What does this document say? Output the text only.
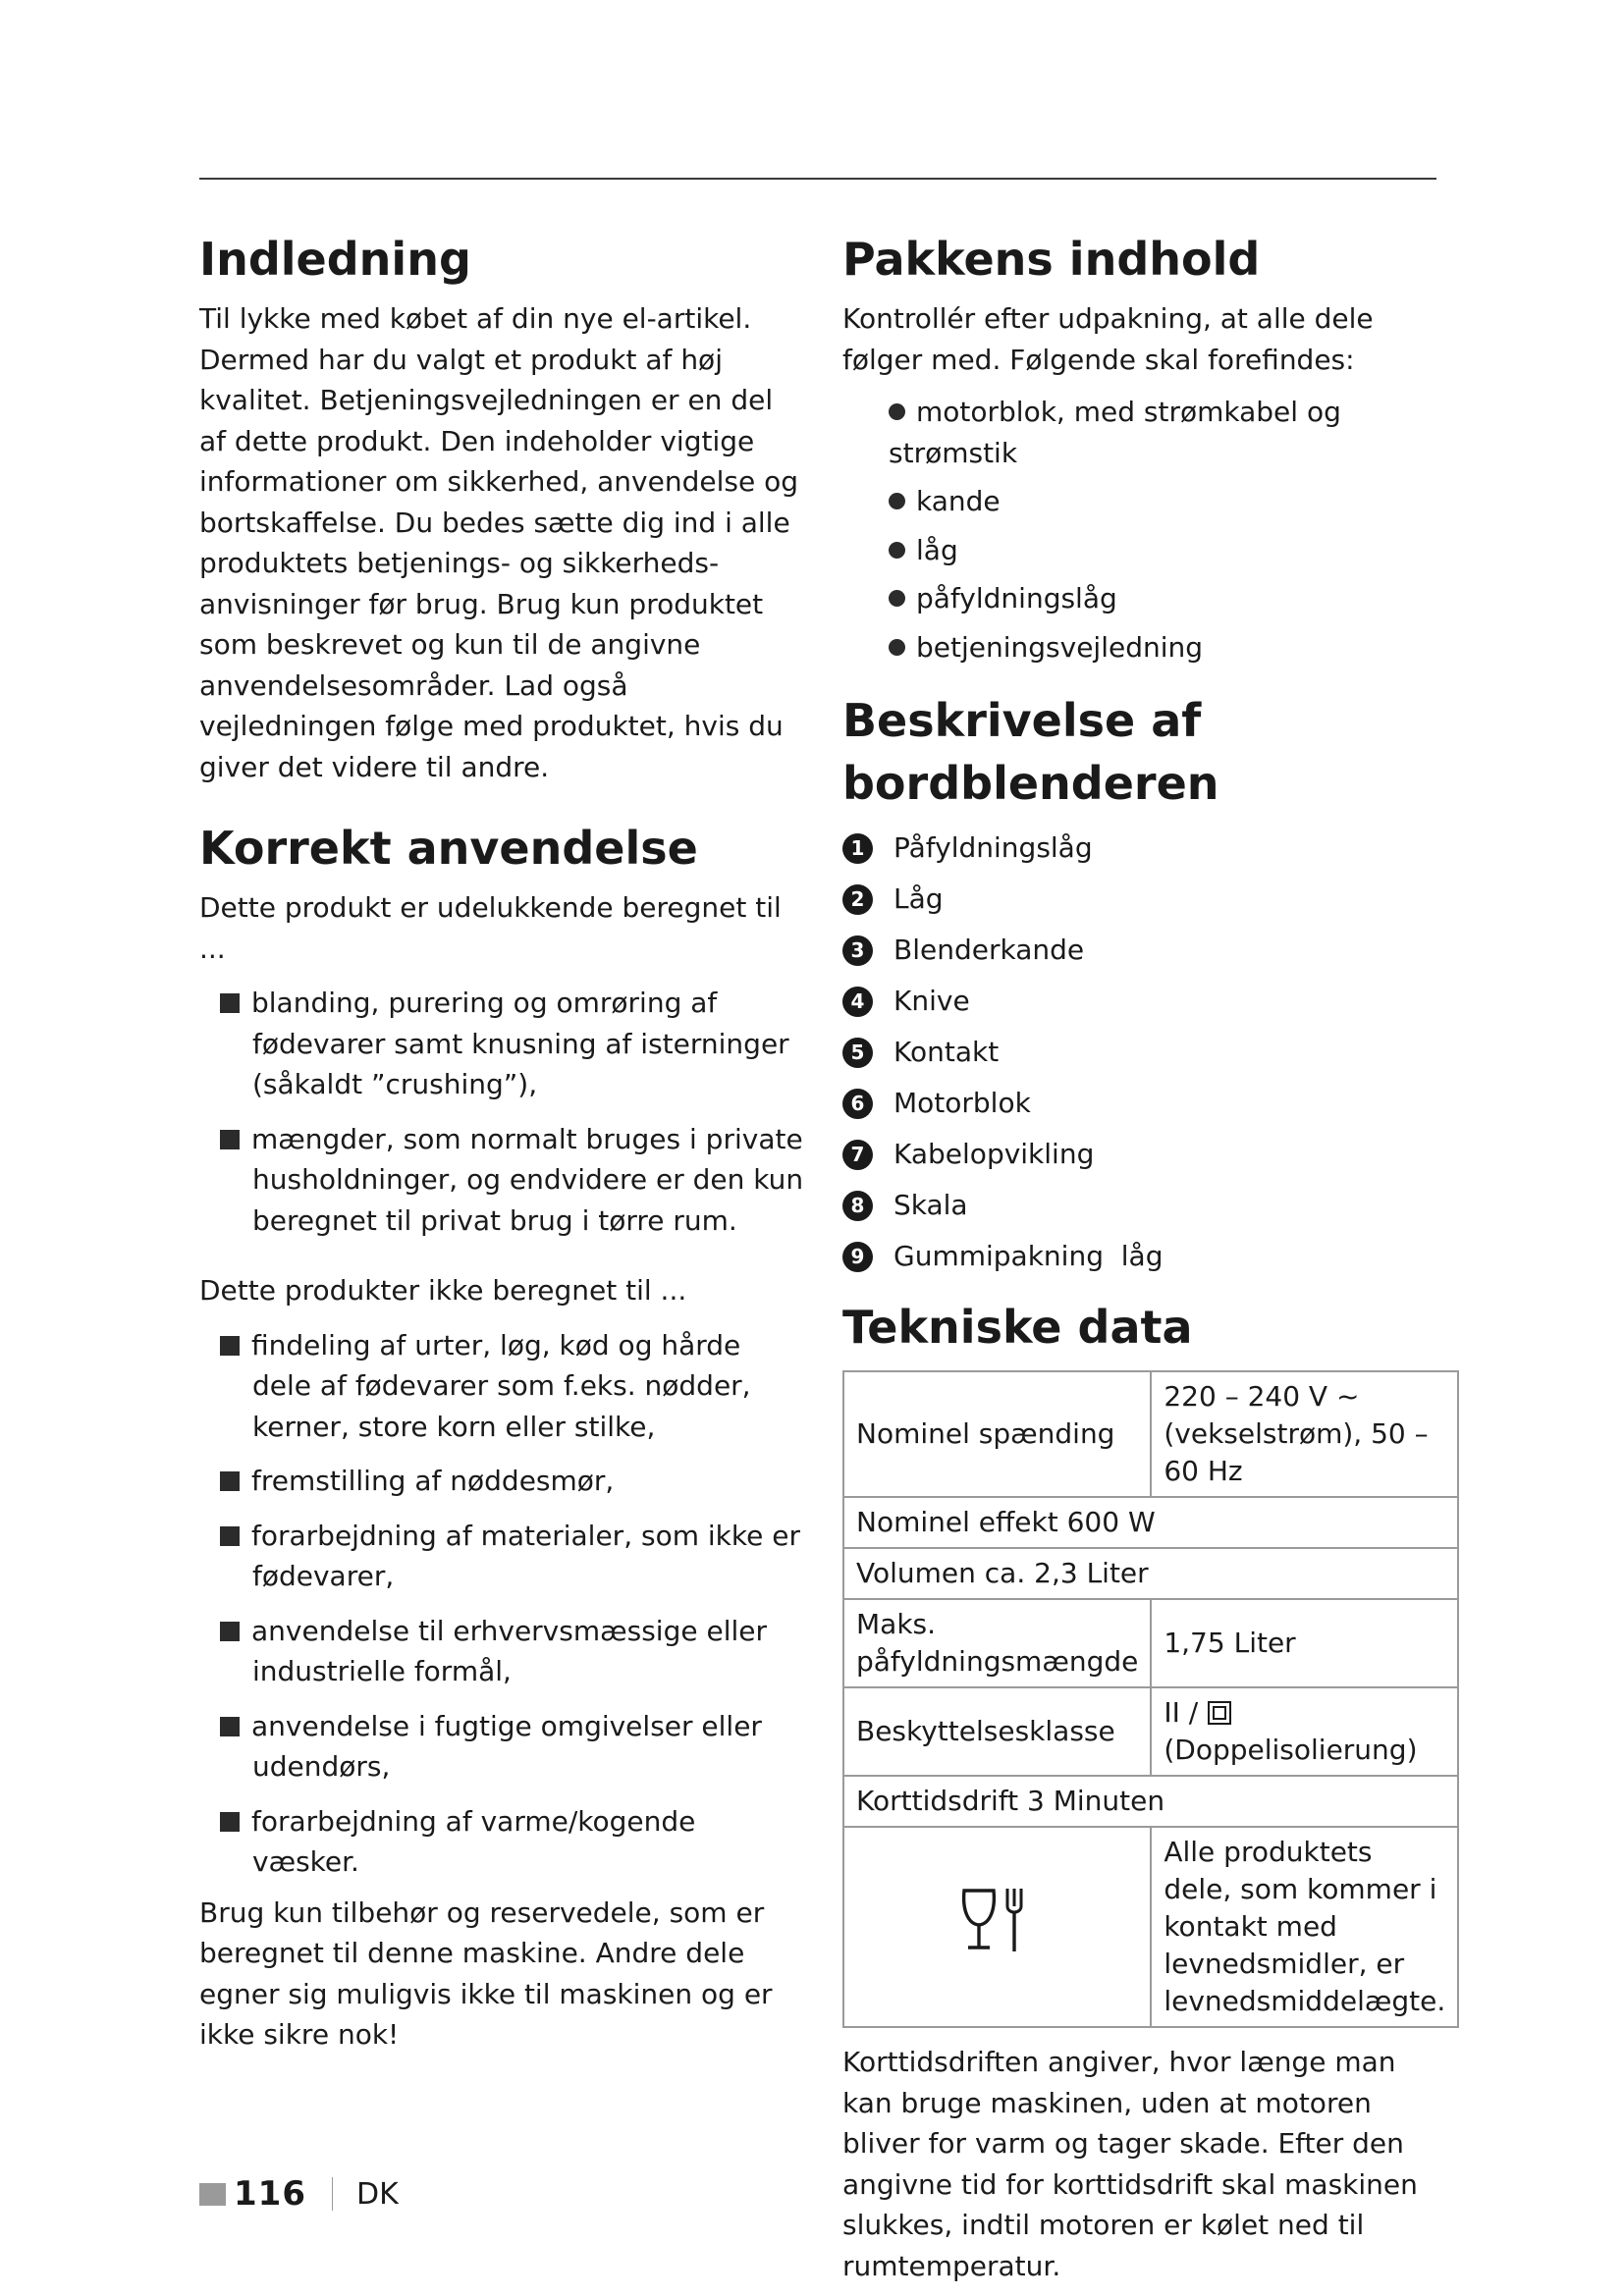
Indledning

Til lykke med købet af din nye el-artikel. Dermed har du valgt et produkt af høj kvalitet. Betjeningsvejledningen er en del af dette produkt. Den indeholder vigtige informationer om sikkerhed, anvendelse og bortskaffelse. Du bedes sætte dig ind i alle produktets betjenings- og sikkerheds-anvisninger før brug. Brug kun produktet som beskrevet og kun til de angivne anvendelsesområder. Lad også vejledningen følge med produktet, hvis du giver det videre til andre.

Korrekt anvendelse

Dette produkt er udelukkende beregnet til ...

blanding, purering og omrøring af fødevarer samt knusning af isterninger (såkaldt ”crushing”),
mængder, som normalt bruges i private husholdninger, og endvidere er den kun beregnet til privat brug i tørre rum.

Dette produkter ikke beregnet til ...

findeling af urter, løg, kød og hårde dele af fødevarer som f.eks. nødder, kerner, store korn eller stilke,
fremstilling af nøddesmør,
forarbejdning af materialer, som ikke er fødevarer,
anvendelse til erhvervsmæssige eller industrielle formål,
anvendelse i fugtige omgivelser eller udendørs,
forarbejdning af varme/kogende væsker.

Brug kun tilbehør og reservedele, som er beregnet til denne maskine. Andre dele egner sig muligvis ikke til maskinen og er ikke sikre nok!

Pakkens indhold

Kontrollér efter udpakning, at alle dele følger med. Følgende skal forefindes:

motorblok, med strømkabel og strømstik
kande
låg
påfyldningslåg
betjeningsvejledning
Beskrivelse af
bordblenderen
1	Påfyldningslåg
2	Låg
3	Blenderkande
4	Knive
5	Kontakt
6	Motorblok
7	Kabelopvikling
8	Skala
9	Gummipakning  låg
Tekniske data
Nominel spænding	220 – 240 V ~ (vekselstrøm), 50 – 60 Hz
Nominel effekt 600 W	
Volumen ca. 2,3 Liter	
Maks. påfyldningsmængde	1,75 Liter
Beskyttelsesklasse	II /  (Doppelisolierung)
Korttidsdrift 3 Minuten	
	Alle produktets dele, som kommer i kontakt med levnedsmidler, er levnedsmiddelægte.

Korttidsdriften angiver, hvor længe man kan bruge maskinen, uden at motoren bliver for varm og tager skade. Efter den angivne tid for korttidsdrift skal maskinen slukkes, indtil motoren er kølet ned til rumtemperatur.

116 DK
